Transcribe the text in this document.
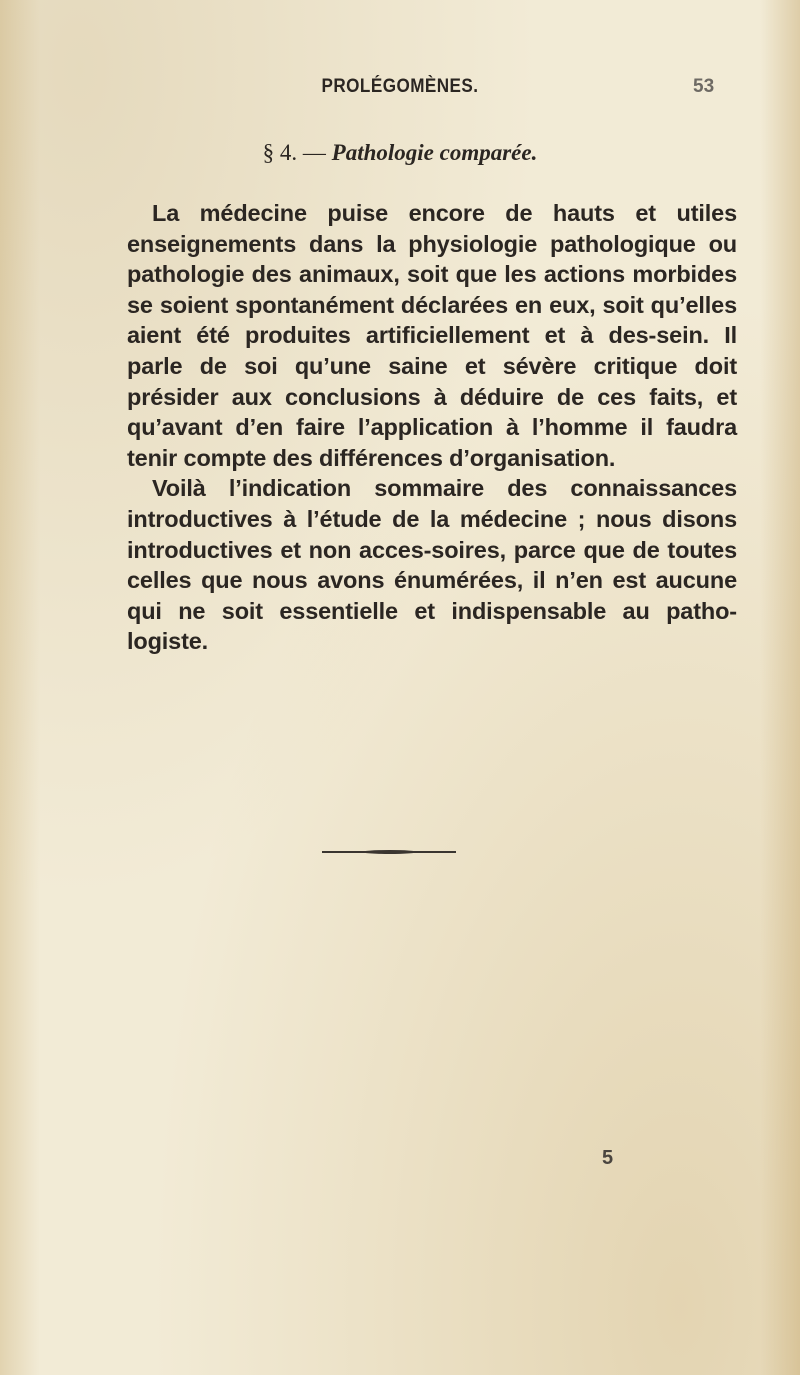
PROLÉGOMÈNES.	53
§ 4. — Pathologie comparée.

La médecine puise encore de hauts et utiles enseignements dans la physiologie pathologique ou pathologie des animaux, soit que les actions morbides se soient spontanément déclarées en eux, soit qu’elles aient été produites artificiellement et à des-sein. Il parle de soi qu’une saine et sévère critique doit présider aux conclusions à déduire de ces faits, et qu’avant d’en faire l’application à l’homme il faudra tenir compte des différences d’organisation.

Voilà l’indication sommaire des connaissances introductives à l’étude de la médecine ; nous disons introductives et non acces-soires, parce que de toutes celles que nous avons énumérées, il n’en est aucune qui ne soit essentielle et indispensable au patho-logiste.

5
